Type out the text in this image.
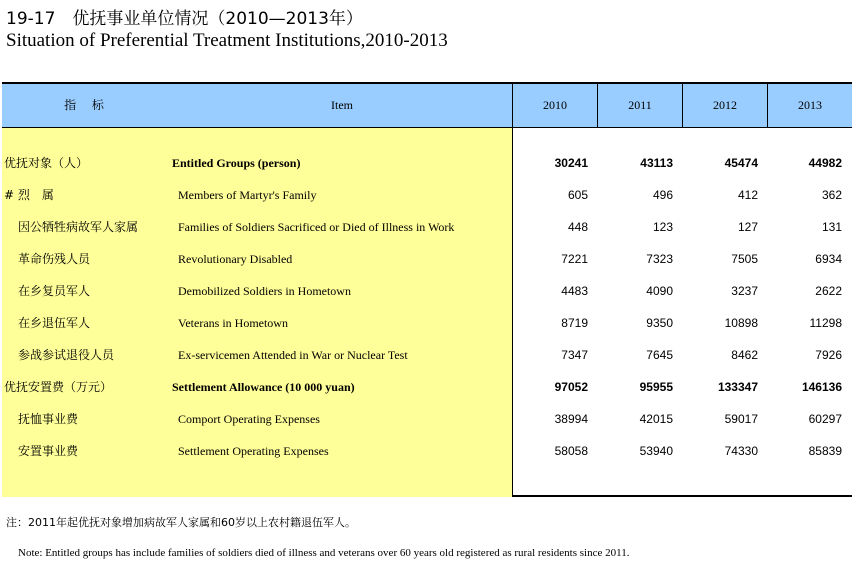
19-17　优抚事业单位情况（2010—2013年）
Situation of Preferential Treatment Institutions,2010-2013
指 标	Item	2010	2011	2012	2013
优抚对象（人）	Entitled Groups (person)	30241	43113	45474	44982
# 烈　属	Members of Martyr's Family	605	496	412	362
因公牺牲病故军人家属	Families of Soldiers Sacrificed or Died of Illness in Work	448	123	127	131
革命伤残人员	Revolutionary Disabled	7221	7323	7505	6934
在乡复员军人	Demobilized Soldiers in Hometown	4483	4090	3237	2622
在乡退伍军人	Veterans in Hometown	8719	9350	10898	11298
参战参试退役人员	Ex-servicemen Attended in War or Nuclear Test	7347	7645	8462	7926
优抚安置费（万元）	Settlement Allowance (10 000 yuan)	97052	95955	133347	146136
抚恤事业费	Comport Operating Expenses	38994	42015	59017	60297
安置事业费	Settlement Operating Expenses	58058	53940	74330	85839
注：2011年起优抚对象增加病故军人家属和60岁以上农村籍退伍军人。
Note: Entitled groups has include families of soldiers died of illness and veterans over 60 years old registered as rural residents since 2011.
